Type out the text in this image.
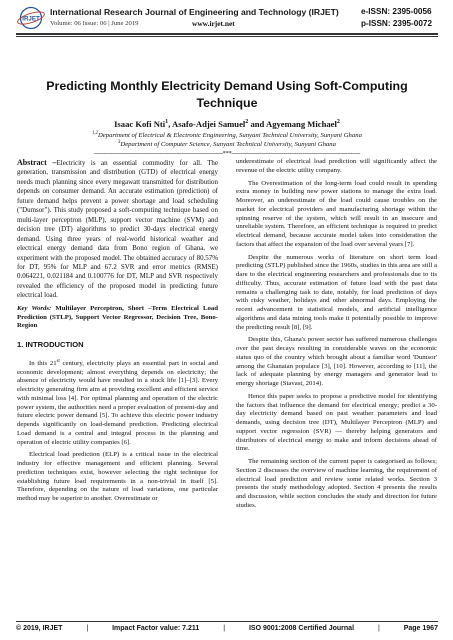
IRJET
International Research Journal of Engineering and Technology (IRJET)	e-ISSN: 2395-0056
Volume: 06 Issue: 06 | June 2019	www.irjet.net	p-ISSN: 2395-0072
Predicting Monthly Electricity Demand Using Soft-Computing
Technique
Isaac Kofi Nti$^1$, Asafo-Adjei Samuel$^2$ and Agyemang Michael$^2$
$^{1,2}$Department of Electrical & Electronic Engineering, Sunyani Technical University, Sunyani Ghana
$^3$Department of Computer Science, Sunyani Technical University, Sunyani Ghana
---------------------------------------------------------------------***---------------------------------------------------------------------

Abstract –Electricity is an essential commodity for all. The generation, transmission and distribution (GTD) of electrical energy needs much planning since every megawatt transmitted for distribution depends on consumer demand. An accurate estimation (prediction) of future demand helps prevent a power shortage and load scheduling ("Dumsor"). This study proposed a soft-computing technique based on multi-layer perceptron (MLP), support vector machine (SVM) and decision tree (DT) algorithms to predict 30-days electrical energy demand. Using three years of real-world historical weather and electrical energy demand data from Bono region of Ghana, we experiment with the proposed model. The obtained accuracy of 80.57% for DT, 95% for MLP and 67.2 SVR and error metrics (RMSE) 0.064221, 0.021184 and 0.100776 for DT, MLP and SVR respectively revealed the efficiency of the proposed model in predicting future electrical load.

Key Words: Multilayer Perceptron, Short –Term Electrical Load Prediction (STLP), Support Vector Regressor, Decision Tree, Bono-Region

1. INTRODUCTION

In this 21st century, electricity plays an essential part in social and economic development; almost everything depends on electricity; the absence of electricity would have resulted in a stuck life [1]–[3]. Every electricity generating firm aim at providing excellent and efficient service with minimal loss [4]. For optimal planning and operation of the electric power system, the authorities need a proper evaluation of present-day and future electric power demand [5]. To achieve this electric power industry depends significantly on load-demand prediction. Predicting electrical Load demand is a central and integral process in the planning and operation of electric utility companies [6].

Electrical load prediction (ELP) is a critical issue in the electrical industry for effective management and efficient planning. Several prediction techniques exist, however selecting the right technique for establishing future load requirements in a non-trivial in itself [5]. Therefore, depending on the nature of load variations, one particular method may be superior to another. Overestimate or

underestimate of electrical load prediction will significantly affect the revenue of the electric utility company.

The Overestimation of the long-term load could result in spending extra money in building new power stations to manage the extra load. Moreover, an underestimate of the load could cause troubles on the market for electrical providers and manufacturing shortage within the spinning reserve of the system, which will result in an insecure and unreliable system. Therefore, an efficient technique is required to predict electrical demand, because accurate model takes into consideration the factors that affect the expansion of the load over several years [7].

Despite the numerous works of literature on short term load predicting (STLP) published since the 1960s, studies in this area are still a dare to the electrical engineering researchers and professionals due to its difficulty. Thus, accurate estimation of future load with the past data remains a challenging task to date, notably, for load prediction of days with risky weather, holidays and other abnormal days. Employing the recent advancement in statistical models, and artificial intelligence algorithms and data mining tools make it potentially possible to improve the predicting result [8], [9].

Despite this, Ghana's power sector has suffered numerous challenges over the past decays resulting in considerable waves on the economic status quo of the country which brought about a familiar word 'Dumsor' among the Ghanaian populace [3], [10]. However, according to [11], the lack of adequate planning by energy managers and generator lead to energy shortage (Stavast, 2014).

Hence this paper seeks to propose a predictive model for identifying the factors that influence the demand for electrical energy; predict a 30-day electricity demand based on past weather parameters and load demands, using decision tree (DT), Multilayer Perceptron (MLP) and support vector regression (SVR) — thereby helping generators and distributors of electrical energy to make and inform decisions ahead of time.

The remaining section of the current paper is categorised as follows; Section 2 discusses the overview of machine learning, the requirement of electrical load prediction and review some related works. Section 3 presents the study methodology adopted. Section 4 presents the results and discussion, while section concludes the study and direction for future studies.

© 2019, IRJET	|	Impact Factor value: 7.211	|	ISO 9001:2008 Certified Journal	|	Page 1967
